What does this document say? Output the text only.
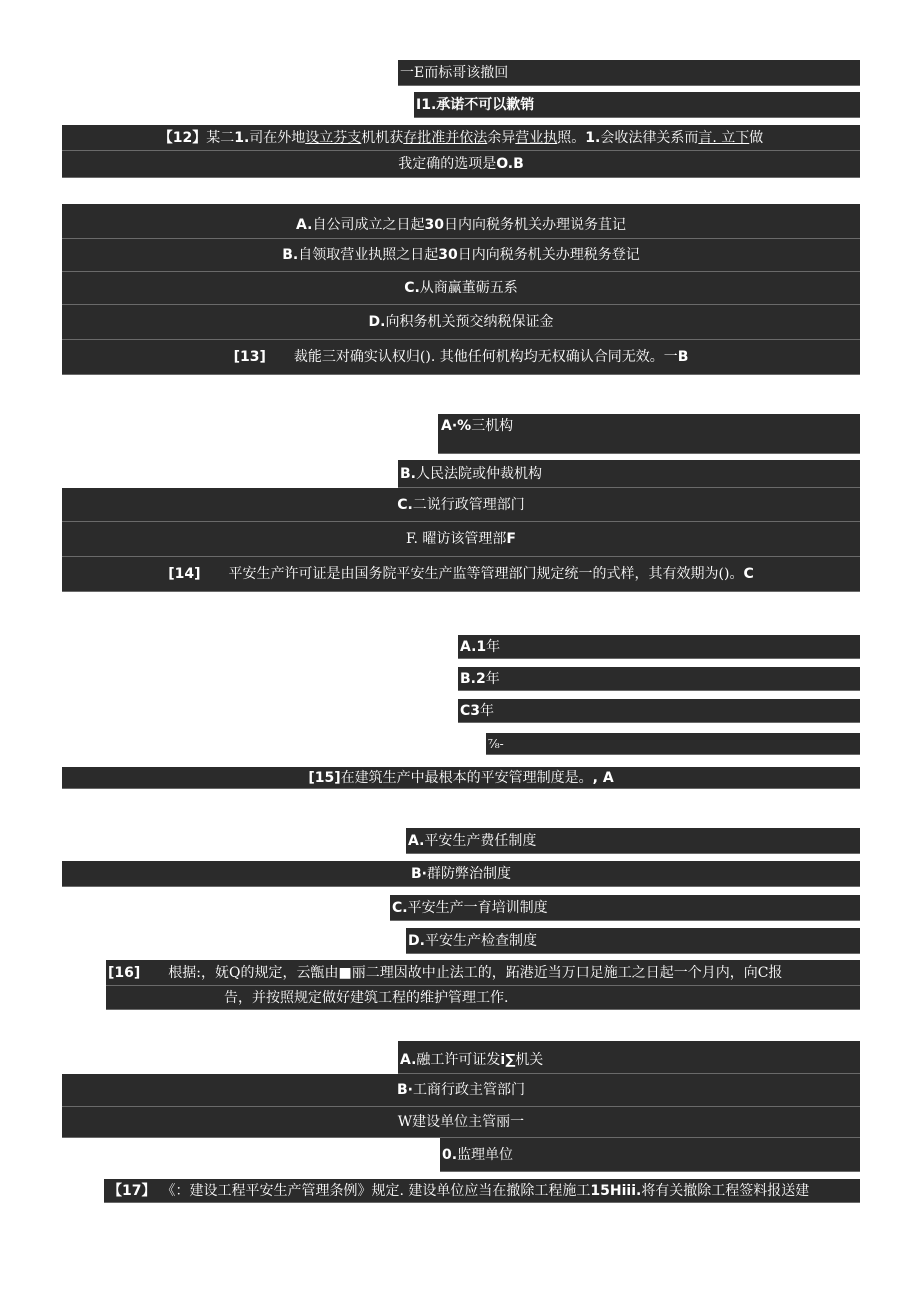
一E而标哥该撤回
I1.承诺不可以歉销
【12】 某二 1. 司在外地 设立芬支 机机获 存批准并依法 余异 营业执 照。 1. 会收法律关系而 言. 立下 做
我定确的选项是 O.B
A. 自公司成立之日起 30 日内向税务机关办理说务苴记
B. 自领取营业执照之日起 30 日内向税务机关办理税务登记
C. 从商赢董砺五系
D. 向积务机关预交纳税保证金
[13] 裁能三对确实认权归(). 其他任何机构均无权确认合同无效。一 B
A·%三机构
B. 人民法院或仲裁机构
C. 二说行政管理部门
F. 曜访该管理部 F
[14] 平安生产许可证是由国务院平安生产监等管理部门规定统一的式样，其有效期为()。 C
A.1 年
B.2 年
C3 年
⅞-
[15] 在建筑生产中最根本的平安管理制度是。 , A
A. 平安生产费任制度
B· 群防弊治制度
C. 平安生产一育培训制度
D. 平安生产检查制度
[16] 根据:，妩Q的规定，云甑由■丽二理因故中止法工的，跖港近当万口足施工之日起一个月内，向C报
告，并按照规定做好建筑工程的维护管理工作.
A. 融工许可证发 i∑ 机关
B· 工商行政主管部门
W建设单位主管丽一
0. 监理单位
【17】 《：建设工程平安生产管理条例》规定. 建设单位应当在撤除工程施工 15Hiii. 将有关撤除工程签料报送建
